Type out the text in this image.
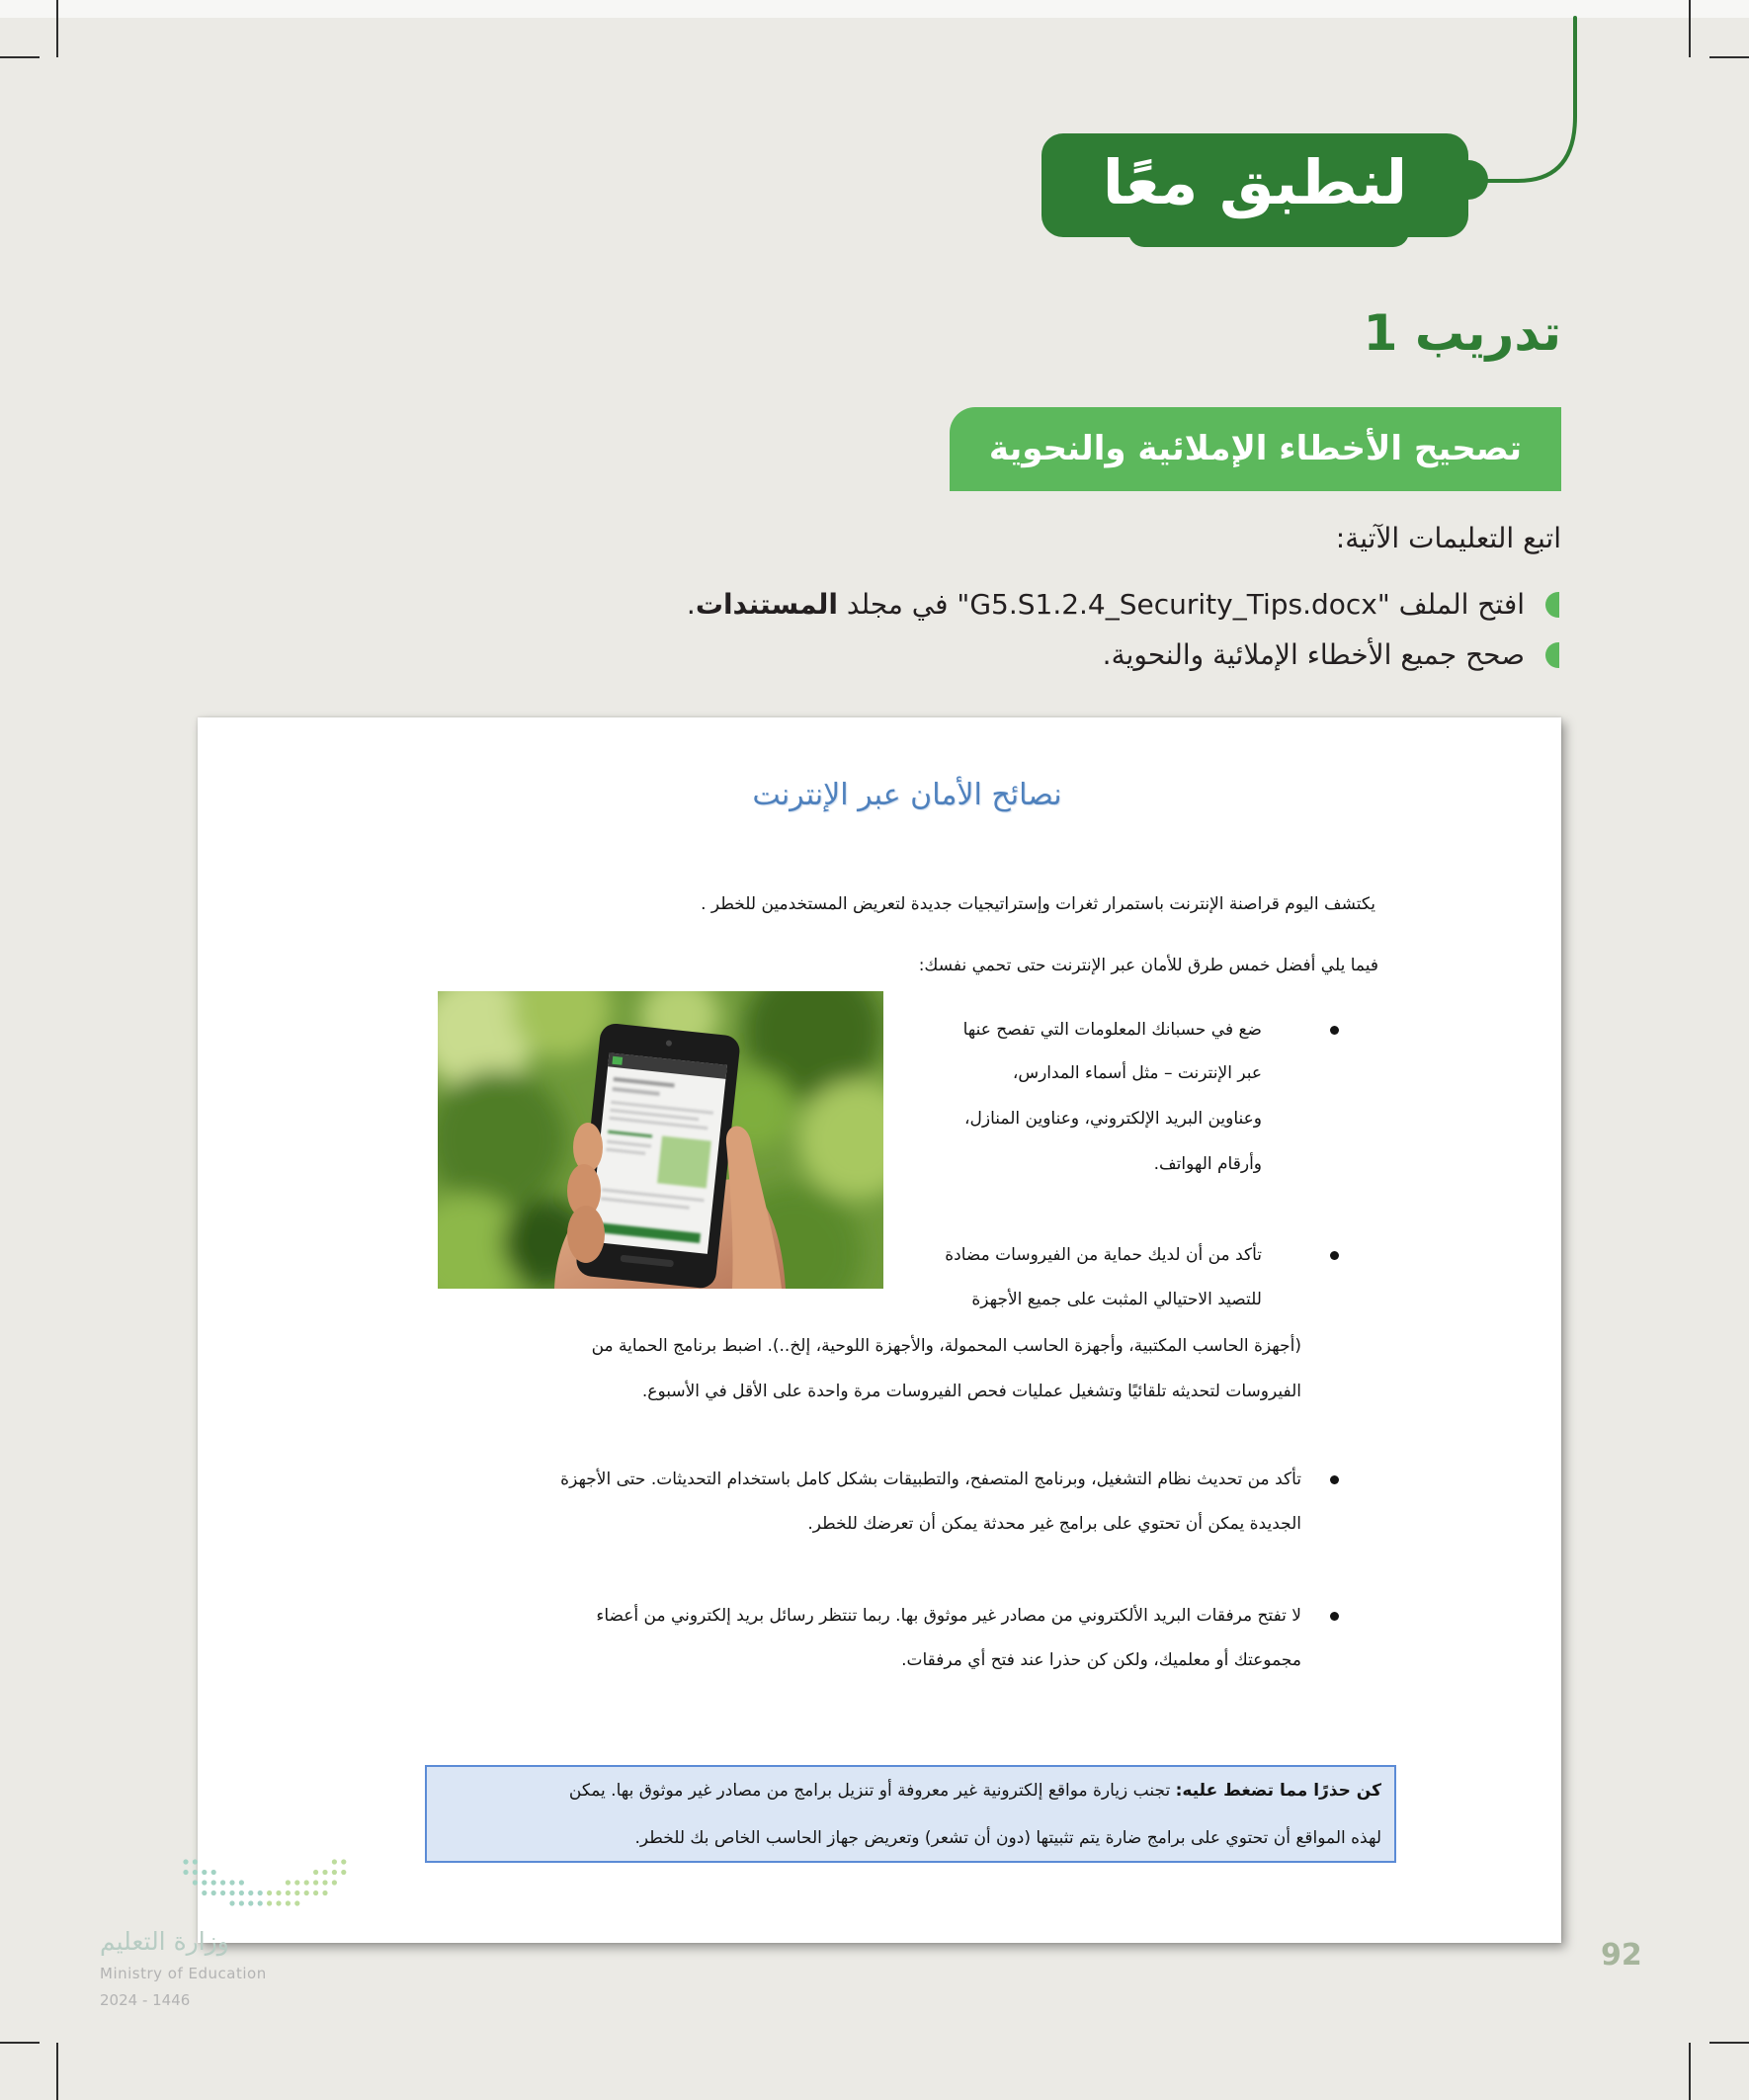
لنطبق معًا
تدريب 1
تصحيح الأخطاء الإملائية والنحوية
اتبع التعليمات الآتية:
افتح الملف "G5.S1.2.4_Security_Tips.docx" في مجلد المستندات.
صحح جميع الأخطاء الإملائية والنحوية.
نصائح الأمان عبر الإنترنت
يكتشف اليوم قراصنة الإنترنت باستمرار ثغرات وإستراتيجيات جديدة لتعريض المستخدمين للخطر .
فيما يلي أفضل خمس طرق للأمان عبر الإنترنت حتى تحمي نفسك:
ضع في حسبانك المعلومات التي تفصح عنها
عبر الإنترنت – مثل أسماء المدارس،
وعناوين البريد الإلكتروني، وعناوين المنازل،
وأرقام الهواتف.
تأكد من أن لديك حماية من الفيروسات مضادة
للتصيد الاحتيالي المثبت على جميع الأجهزة
(أجهزة الحاسب المكتبية، وأجهزة الحاسب المحمولة، والأجهزة اللوحية، إلخ..). اضبط برنامج الحماية من
الفيروسات لتحديثه تلقائيًا وتشغيل عمليات فحص الفيروسات مرة واحدة على الأقل في الأسبوع.
تأكد من تحديث نظام التشغيل، وبرنامج المتصفح، والتطبيقات بشكل كامل باستخدام التحديثات. حتى الأجهزة
الجديدة يمكن أن تحتوي على برامج غير محدثة يمكن أن تعرضك للخطر.
لا تفتح مرفقات البريد الألكتروني من مصادر غير موثوق بها. ربما تنتظر رسائل بريد إلكتروني من أعضاء
مجموعتك أو معلميك، ولكن كن حذرا عند فتح أي مرفقات.
كن حذرًا مما تضغط عليه: تجنب زيارة مواقع إلكترونية غير معروفة أو تنزيل برامج من مصادر غير موثوق بها. يمكن
لهذه المواقع أن تحتوي على برامج ضارة يتم تثبيتها (دون أن تشعر) وتعريض جهاز الحاسب الخاص بك للخطر.
92
وزارة التعليم
Ministry of Education
2024 - 1446
